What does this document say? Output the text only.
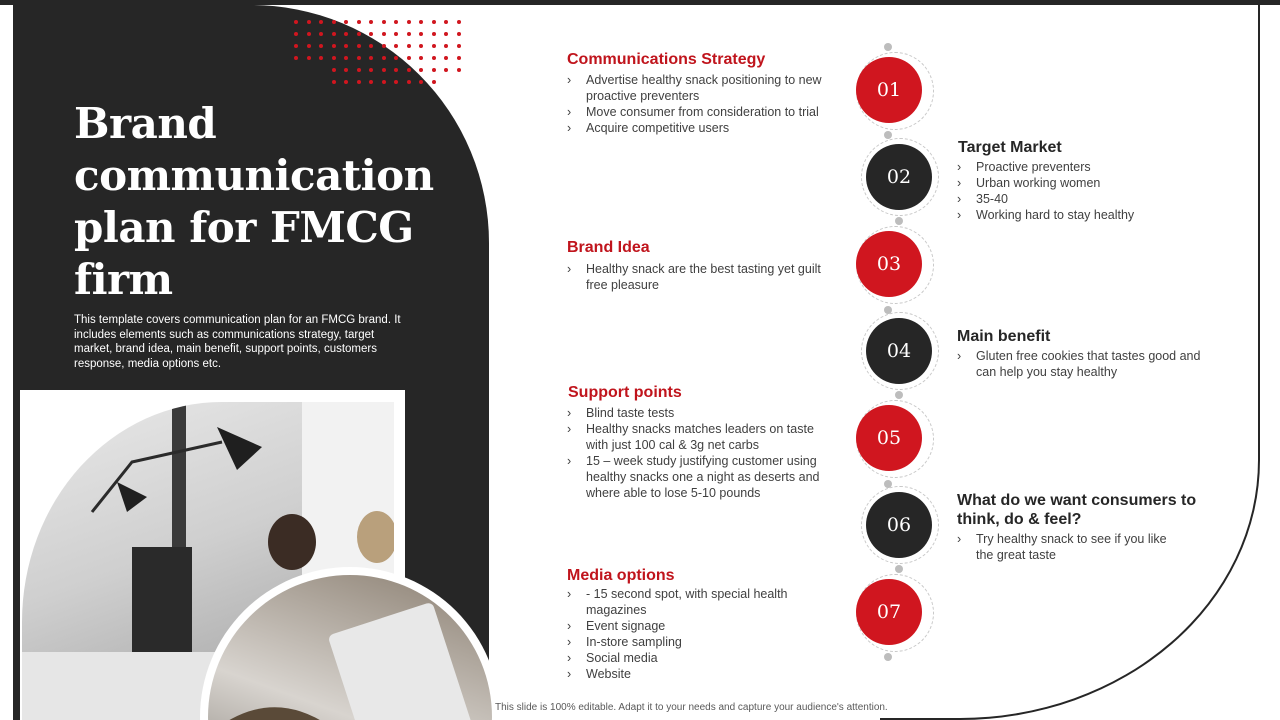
Brand communication plan for FMCG firm

This template covers communication plan for an FMCG brand. It includes elements such as communications strategy, target market, brand idea, main benefit, support points, customers response, media options etc.

01
02
03
04
05
06
07
Communications Strategy
› Advertise healthy snack positioning to new proactive preventers
› Move consumer from consideration to trial
› Acquire competitive users
Target Market
› Proactive preventers
› Urban working women
› 35-40
› Working hard to stay healthy
Brand Idea
› Healthy snack are the best tasting yet guilt free pleasure
Main benefit
› Gluten free cookies that tastes good and can help you stay healthy
Support points
› Blind taste tests
› Healthy snacks matches leaders on taste with just 100 cal & 3g net carbs
› 15 – week study justifying customer using healthy snacks one a night as deserts and where able to lose 5-10 pounds	What do we want consumers to think, do & feel?
› Try healthy snack to see if you like the great taste
Media options
› - 15 second spot, with special health magazines
› Event signage
› In-store sampling
› Social media
› Website
This slide is 100% editable. Adapt it to your needs and capture your audience's attention.
